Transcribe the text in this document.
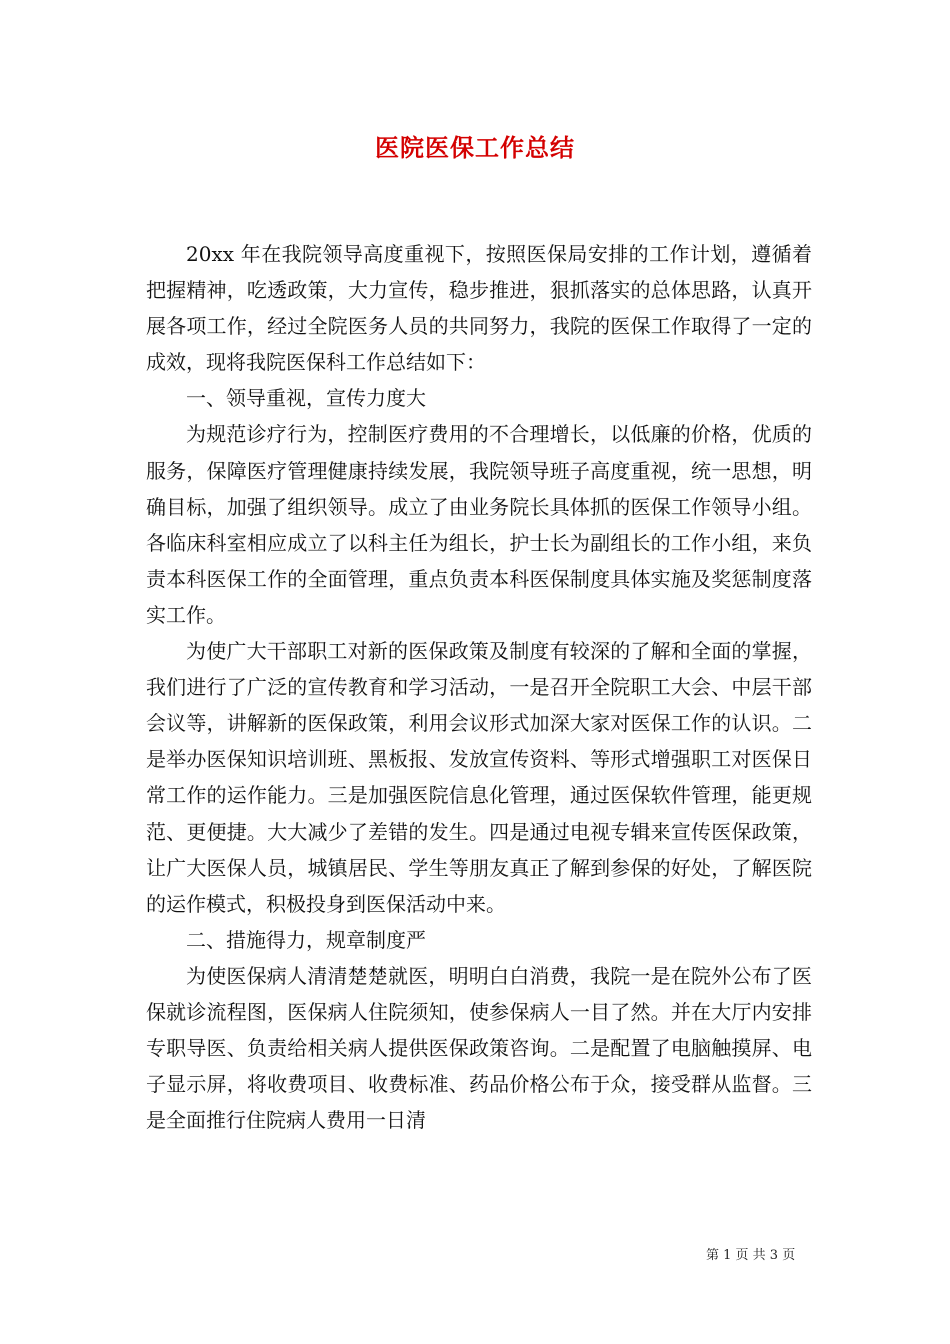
医院医保工作总结

20xx 年在我院领导高度重视下，按照医保局安排的工作计划，遵循着把握精神，吃透政策，大力宣传，稳步推进，狠抓落实的总体思路，认真开展各项工作，经过全院医务人员的共同努力，我院的医保工作取得了一定的成效，现将我院医保科工作总结如下：

一、领导重视，宣传力度大

为规范诊疗行为，控制医疗费用的不合理增长，以低廉的价格，优质的服务，保障医疗管理健康持续发展，我院领导班子高度重视，统一思想，明确目标，加强了组织领导。成立了由业务院长具体抓的医保工作领导小组。各临床科室相应成立了以科主任为组长，护士长为副组长的工作小组，来负责本科医保工作的全面管理，重点负责本科医保制度具体实施及奖惩制度落实工作。

为使广大干部职工对新的医保政策及制度有较深的了解和全面的掌握，我们进行了广泛的宣传教育和学习活动，一是召开全院职工大会、中层干部会议等，讲解新的医保政策，利用会议形式加深大家对医保工作的认识。二是举办医保知识培训班、黑板报、发放宣传资料、等形式增强职工对医保日常工作的运作能力。三是加强医院信息化管理，通过医保软件管理，能更规范、更便捷。大大减少了差错的发生。四是通过电视专辑来宣传医保政策，让广大医保人员，城镇居民、学生等朋友真正了解到参保的好处，了解医院的运作模式，积极投身到医保活动中来。

二、措施得力，规章制度严

为使医保病人清清楚楚就医，明明白白消费，我院一是在院外公布了医保就诊流程图，医保病人住院须知，使参保病人一目了然。并在大厅内安排专职导医、负责给相关病人提供医保政策咨询。二是配置了电脑触摸屏、电子显示屏，将收费项目、收费标准、药品价格公布于众，接受群从监督。三是全面推行住院病人费用一日清

第 1 页 共 3 页
